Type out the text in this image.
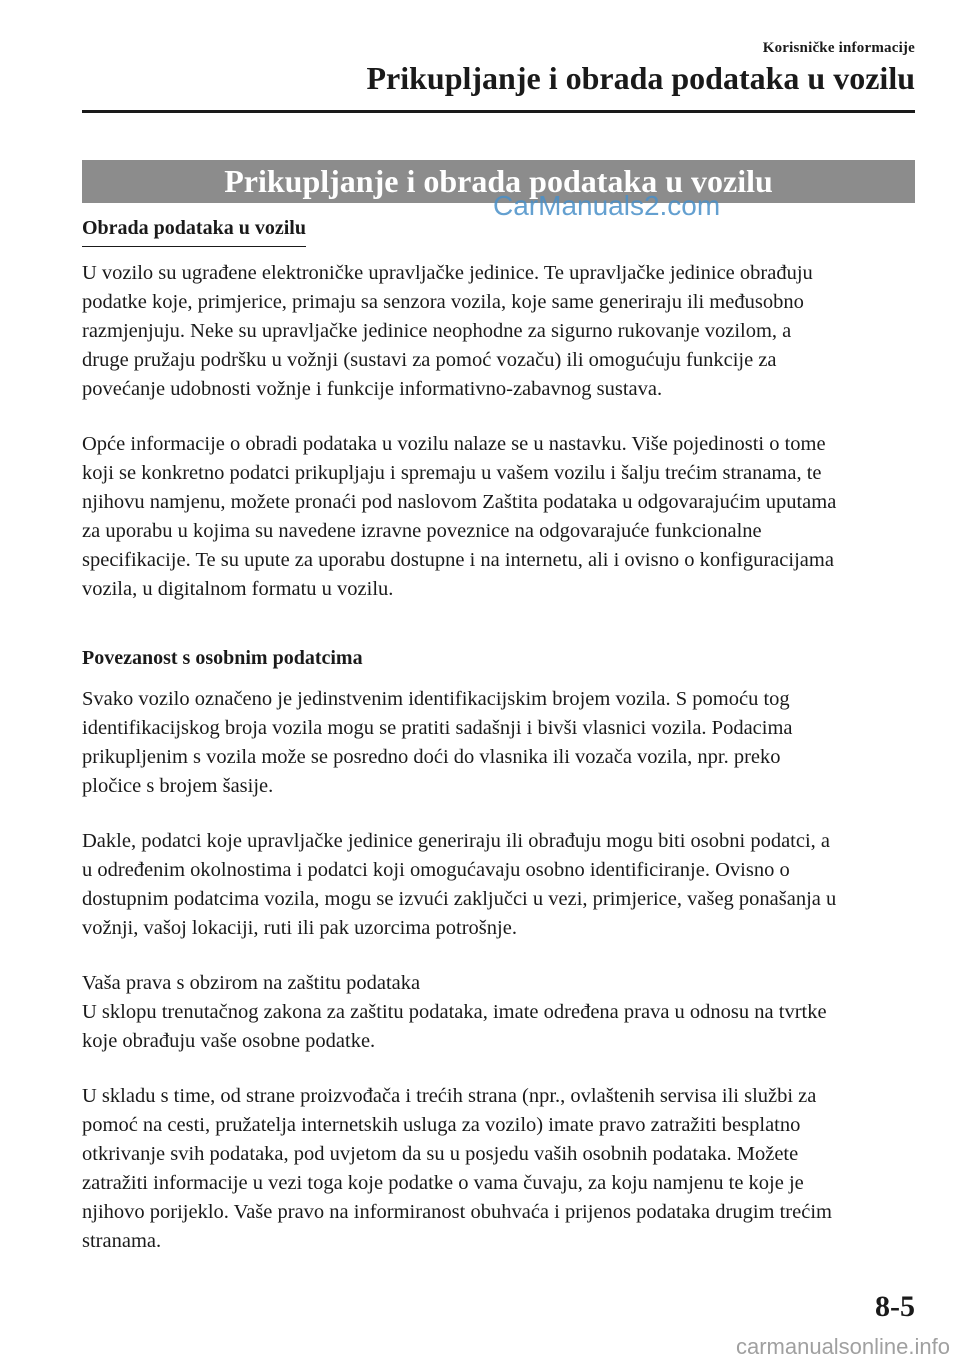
Korisničke informacije
Prikupljanje i obrada podataka u vozilu
Prikupljanje i obrada podataka u vozilu
CarManuals2.com
Obrada podataka u vozilu

U vozilo su ugrađene elektroničke upravljačke jedinice. Te upravljačke jedinice obrađuju
podatke koje, primjerice, primaju sa senzora vozila, koje same generiraju ili međusobno
razmjenjuju. Neke su upravljačke jedinice neophodne za sigurno rukovanje vozilom, a
druge pružaju podršku u vožnji (sustavi za pomoć vozaču) ili omogućuju funkcije za
povećanje udobnosti vožnje i funkcije informativno-zabavnog sustava.

Opće informacije o obradi podataka u vozilu nalaze se u nastavku. Više pojedinosti o tome
koji se konkretno podatci prikupljaju i spremaju u vašem vozilu i šalju trećim stranama, te
njihovu namjenu, možete pronaći pod naslovom Zaštita podataka u odgovarajućim uputama
za uporabu u kojima su navedene izravne poveznice na odgovarajuće funkcionalne
specifikacije. Te su upute za uporabu dostupne i na internetu, ali i ovisno o konfiguracijama
vozila, u digitalnom formatu u vozilu.

Povezanost s osobnim podatcima

Svako vozilo označeno je jedinstvenim identifikacijskim brojem vozila. S pomoću tog
identifikacijskog broja vozila mogu se pratiti sadašnji i bivši vlasnici vozila. Podacima
prikupljenim s vozila može se posredno doći do vlasnika ili vozača vozila, npr. preko
pločice s brojem šasije.

Dakle, podatci koje upravljačke jedinice generiraju ili obrađuju mogu biti osobni podatci, a
u određenim okolnostima i podatci koji omogućavaju osobno identificiranje. Ovisno o
dostupnim podatcima vozila, mogu se izvući zaključci u vezi, primjerice, vašeg ponašanja u
vožnji, vašoj lokaciji, ruti ili pak uzorcima potrošnje.

Vaša prava s obzirom na zaštitu podataka

U sklopu trenutačnog zakona za zaštitu podataka, imate određena prava u odnosu na tvrtke
koje obrađuju vaše osobne podatke.

U skladu s time, od strane proizvođača i trećih strana (npr., ovlaštenih servisa ili službi za
pomoć na cesti, pružatelja internetskih usluga za vozilo) imate pravo zatražiti besplatno
otkrivanje svih podataka, pod uvjetom da su u posjedu vaših osobnih podataka. Možete
zatražiti informacije u vezi toga koje podatke o vama čuvaju, za koju namjenu te koje je
njihovo porijeklo. Vaše pravo na informiranost obuhvaća i prijenos podataka drugim trećim
stranama.

8-5
carmanualsonline.info
